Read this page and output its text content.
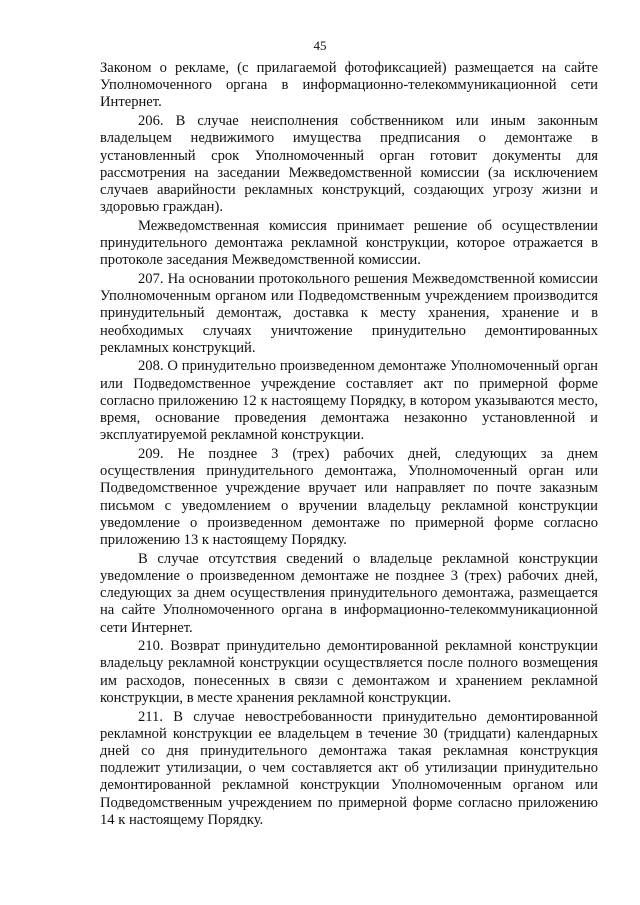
45

Законом о рекламе, (с прилагаемой фотофиксацией) размещается на сайте Уполномоченного органа в информационно-телекоммуникационной сети Интернет.

206. В случае неисполнения собственником или иным законным владельцем недвижимого имущества предписания о демонтаже в установленный срок Уполномоченный орган готовит документы для рассмотрения на заседании Межведомственной комиссии (за исключением случаев аварийности рекламных конструкций, создающих угрозу жизни и здоровью граждан).

Межведомственная комиссия принимает решение об осуществлении принудительного демонтажа рекламной конструкции, которое отражается в протоколе заседания Межведомственной комиссии.

207. На основании протокольного решения Межведомственной комиссии Уполномоченным органом или Подведомственным учреждением производится принудительный демонтаж, доставка к месту хранения, хранение и в необходимых случаях уничтожение принудительно демонтированных рекламных конструкций.

208. О принудительно произведенном демонтаже Уполномоченный орган или Подведомственное учреждение составляет акт по примерной форме согласно приложению 12 к настоящему Порядку, в котором указываются место, время, основание проведения демонтажа незаконно установленной и эксплуатируемой рекламной конструкции.

209. Не позднее 3 (трех) рабочих дней, следующих за днем осуществления принудительного демонтажа, Уполномоченный орган или Подведомственное учреждение вручает или направляет по почте заказным письмом с уведомлением о вручении владельцу рекламной конструкции уведомление о произведенном демонтаже по примерной форме согласно приложению 13 к настоящему Порядку.

В случае отсутствия сведений о владельце рекламной конструкции уведомление о произведенном демонтаже не позднее 3 (трех) рабочих дней, следующих за днем осуществления принудительного демонтажа, размещается на сайте Уполномоченного органа в информационно-телекоммуникационной сети Интернет.

210. Возврат принудительно демонтированной рекламной конструкции владельцу рекламной конструкции осуществляется после полного возмещения им расходов, понесенных в связи с демонтажом и хранением рекламной конструкции, в месте хранения рекламной конструкции.

211. В случае невостребованности принудительно демонтированной рекламной конструкции ее владельцем в течение 30 (тридцати) календарных дней со дня принудительного демонтажа такая рекламная конструкция подлежит утилизации, о чем составляется акт об утилизации принудительно демонтированной рекламной конструкции Уполномоченным органом или Подведомственным учреждением по примерной форме согласно приложению 14 к настоящему Порядку.
